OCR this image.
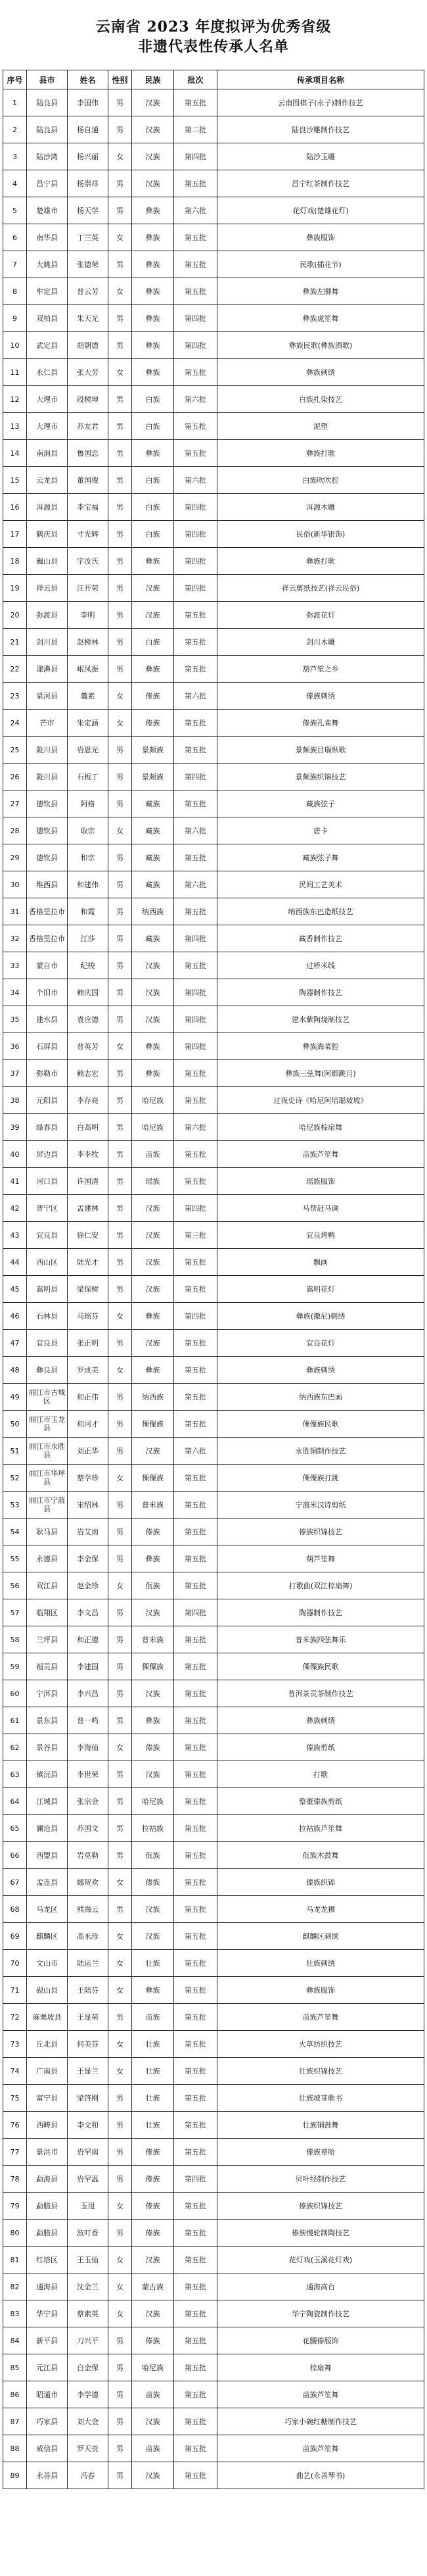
云南省 2023 年度拟评为优秀省级
非遗代表性传承人名单
序号	县市	姓名	性别	民族	批次	传承项目名称
1	陆良县	李国伟	男	汉族	第五批	云南围棋子(永子)制作技艺
2	陆良县	杨自通	男	汉族	第二批	陆良沙雕制作技艺
3	陆沙湾	杨兴丽	女	汉族	第四批	陆沙玉雕
4	昌宁县	杨崇祥	男	汉族	第五批	昌宁红茶制作技艺
5	楚雄市	杨天学	男	彝族	第六批	花灯戏(楚雄花灯)
6	南华县	丁兰英	女	彝族	第五批	彝族服饰
7	大姚县	张德荣	男	彝族	第五批	民歌(插花节)
8	牟定县	普云芳	女	彝族	第五批	彝族左脚舞
9	双柏县	朱天光	男	彝族	第四批	彝族虎笙舞
10	武定县	胡朝德	男	彝族	第四批	彝族民歌(彝族酒歌)
11	永仁县	张大芳	女	彝族	第五批	彝族刺绣
12	大理市	段树坤	男	白族	第六批	白族扎染技艺
13	大理市	苏友君	男	白族	第五批	泥塑
14	南涧县	鲁国忠	男	彝族	第五批	彝族打歌
15	云龙县	董国俊	男	白族	第六批	白族吹吹腔
16	洱源县	李宝福	男	白族	第四批	洱源木雕
17	鹤庆县	寸光辉	男	白族	第四批	民俗(新华银饰)
18	巍山县	字汝氏	男	彝族	第四批	彝族打歌
19	祥云县	汪开荣	男	汉族	第四批	祥云剪纸技艺(祥云民俗)
20	弥渡县	李明	男	汉族	第五批	弥渡花灯
21	剑川县	赵树林	男	白族	第五批	剑川木雕
22	漾濞县	岷凤振	男	彝族	第五批	葫芦笙之乡
23	梁河县	曩素	女	傣族	第六批	傣族刺绣
24	芒市	朱定涵	女	傣族	第五批	傣族孔雀舞
25	陇川县	岩恩光	男	景颇族	第五批	景颇族目瑙纵歌
26	陇川县	石板丁	男	景颇族	第四批	景颇族织锦技艺
27	德钦县	阿格	男	藏族	第五批	藏族弦子
28	德钦县	取宗	女	藏族	第六批	唐卡
29	德钦县	和宗	男	藏族	第五批	藏族弦子舞
30	维西县	和建伟	男	藏族	第六批	民间工艺美术
31	香格里拉市	和霞	男	纳西族	第五批	纳西族东巴造纸技艺
32	香格里拉市	江莎	男	藏族	第四批	藏香制作技艺
33	蒙自市	纪梭	男	汉族	第五批	过桥米线
34	个旧市	赖庆国	男	汉族	第四批	陶器制作技艺
35	建水县	袁应德	男	汉族	第四批	建水紫陶烧制技艺
36	石屏县	普英芳	女	彝族	第四批	彝族海菜腔
37	弥勒市	赖志宏	男	彝族	第五批	彝族三弦舞(阿细跳月)
38	元阳县	李存亮	男	哈尼族	第五批	过夜史诗《哈尼阿培聪坡坡》
39	绿春县	白高明	男	哈尼族	第六批	哈尼族棕扇舞
40	屏边县	李李牧	男	苗族	第五批	苗族芦笙舞
41	河口县	许国清	男	瑶族	第五批	瑶族服饰
42	普宁区	孟建林	男	汉族	第四批	马帮赶马调
43	宜良县	徐仁安	男	汉族	第三批	宜良烤鸭
44	西山区	陆光才	男	汉族	第五批	飘画
45	嵩明县	梁保树	男	汉族	第五批	嵩明花灯
46	石林县	马瑶芬	女	彝族	第四批	彝族(撒尼)刺绣
47	宜良县	张正明	男	汉族	第五批	宜良花灯
48	彝良县	罗成美	女	彝族	第五批	彝族刺绣
49	丽江市古城区	和正伟	男	纳西族	第五批	纳西族东巴画
50	丽江市玉龙县	和河才	男	傈僳族	第五批	傈僳族民歌
51	丽江市永胜县	刘正华	男	汉族	第六批	永胜铜制作技艺
52	丽江市华坪县	蔡学珍	女	傈僳族	第五批	傈僳族打跳
53	丽江市宁蒗县	宋绍林	男	普米族	第五批	宁蒗米汉诗剪纸
54	耿马县	岩艾南	男	傣族	第五批	傣族织锦技艺
55	永德县	李金保	男	彝族	第五批	葫芦笙舞
56	双江县	赵金珍	女	佤族	第五批	打歌曲(双江棕扇舞)
57	临翔区	李文昌	男	汉族	第四批	陶器制作技艺
58	兰坪县	和正德	男	普米族	第五批	普米族四弦舞乐
59	福贡县	李建国	男	傈僳族	第五批	傈僳族民歌
60	宁洱县	李兴昌	男	汉族	第五批	普洱茶贡茶制作技艺
61	景东县	普一鸣	男	彝族	第五批	彝族刺绣
62	景谷县	李海仙	女	傣族	第五批	傣族剪纸
63	镇沅县	李世荣	男	汉族	第五批	打歌
64	江城县	张宗金	男	哈尼族	第五批	整董傣族剪纸
65	澜沧县	苏国文	男	拉祜族	第五批	拉祜族芦笙舞
66	西盟县	岩莫勒	男	佤族	第五批	佤族木鼓舞
67	孟连县	娜贺欢	女	傣族	第五批	傣族织锦
68	马龙区	熊海云	男	汉族	第五批	马龙龙狮
69	麒麟区	高永珍	女	汉族	第五批	麒麟区刺绣
70	文山市	陆运兰	女	壮族	第五批	壮族刺绣
71	砚山县	王陆芬	女	彝族	第五批	彝族服饰
72	麻栗坡县	王显荣	男	苗族	第五批	苗族芦笙舞
73	丘北县	何美芬	女	壮族	第五批	火草纺织技艺
74	广南县	王显兰	女	壮族	第五批	壮族织锦技艺
75	富宁县	梁啓刚	男	壮族	第五批	壮族坡芽歌书
76	西畴县	李文和	男	壮族	第五批	壮族铜鼓舞
77	景洪市	岩罕南	男	傣族	第五批	傣族章哈
78	勐海县	岩罕温	男	傣族	第四批	贝叶经制作技艺
79	勐腊县	玉甩	女	傣族	第五批	傣族织锦技艺
80	勐腊县	波叮香	男	傣族	第五批	傣族慢轮制陶技艺
81	红塔区	王玉仙	女	汉族	第五批	花灯戏(玉溪花灯戏)
82	通海县	沈金兰	女	蒙古族	第五批	通海高台
83	华宁县	蔡素英	女	汉族	第五批	华宁陶瓷制作技艺
84	新平县	刀兴平	男	傣族	第五批	花腰傣服饰
85	元江县	白金保	男	哈尼族	第五批	棕扇舞
86	昭通市	李学德	男	苗族	第五批	苗族芦笙舞
87	巧家县	刘大金	男	汉族	第五批	巧家小碗红糖制作技艺
88	威信县	罗天贵	男	苗族	第五批	苗族芦笙舞
89	永善县	冯春	男	汉族	第五批	曲艺(永善琴书)
